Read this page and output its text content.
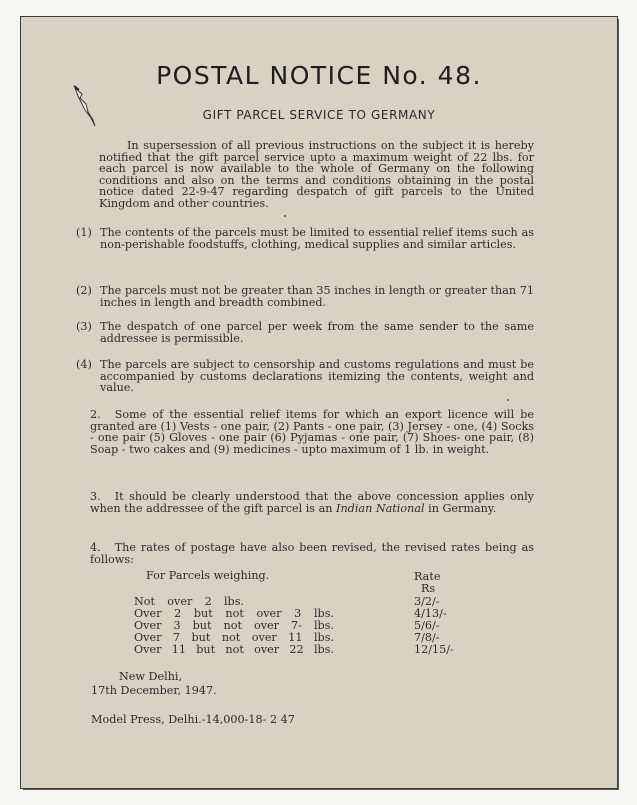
POSTAL NOTICE No. 48.
GIFT PARCEL SERVICE TO GERMANY
In supersession of all previous instructions on the subject it is hereby notified that the gift parcel service upto a maximum weight of 22 lbs. for each parcel is now available to the whole of Germany on the following conditions and also on the terms and conditions obtaining in the postal notice dated 22-9-47 regarding despatch of gift parcels to the United Kingdom and other countries.
(1) The contents of the parcels must be limited to essential relief items such as non-perishable foodstuffs, clothing, medical supplies and similar articles.
(2) The parcels must not be greater than 35 inches in length or greater than 71 inches in length and breadth combined.
(3) The despatch of one parcel per week from the same sender to the same addressee is permissible.
(4) The parcels are subject to censorship and customs regulations and must be accompanied by customs declarations itemizing the contents, weight and value.
2. Some of the essential relief items for which an export licence will be granted are (1) Vests - one pair, (2) Pants - one pair, (3) Jersey - one, (4) Socks - one pair (5) Gloves - one pair (6) Pyjamas - one pair, (7) Shoes- one pair, (8) Soap - two cakes and (9) medicines - upto maximum of 1 lb. in weight.
3. It should be clearly understood that the above concession applies only when the addressee of the gift parcel is an Indian National in Germany.
4. The rates of postage have also been revised, the revised rates being as follows:
For Parcels weighing.	Rate
Rs
Not over 2 lbs.	3/2/-
Over 2 but not over 3 lbs.	4/13/-
Over 3 but not over 7- lbs.	5/6/-
Over 7 but not over 11 lbs.	7/8/-
Over 11 but not over 22 lbs.	12/15/-
New Delhi,
17th December, 1947.
Model Press, Delhi.-14,000-18- 2 47
